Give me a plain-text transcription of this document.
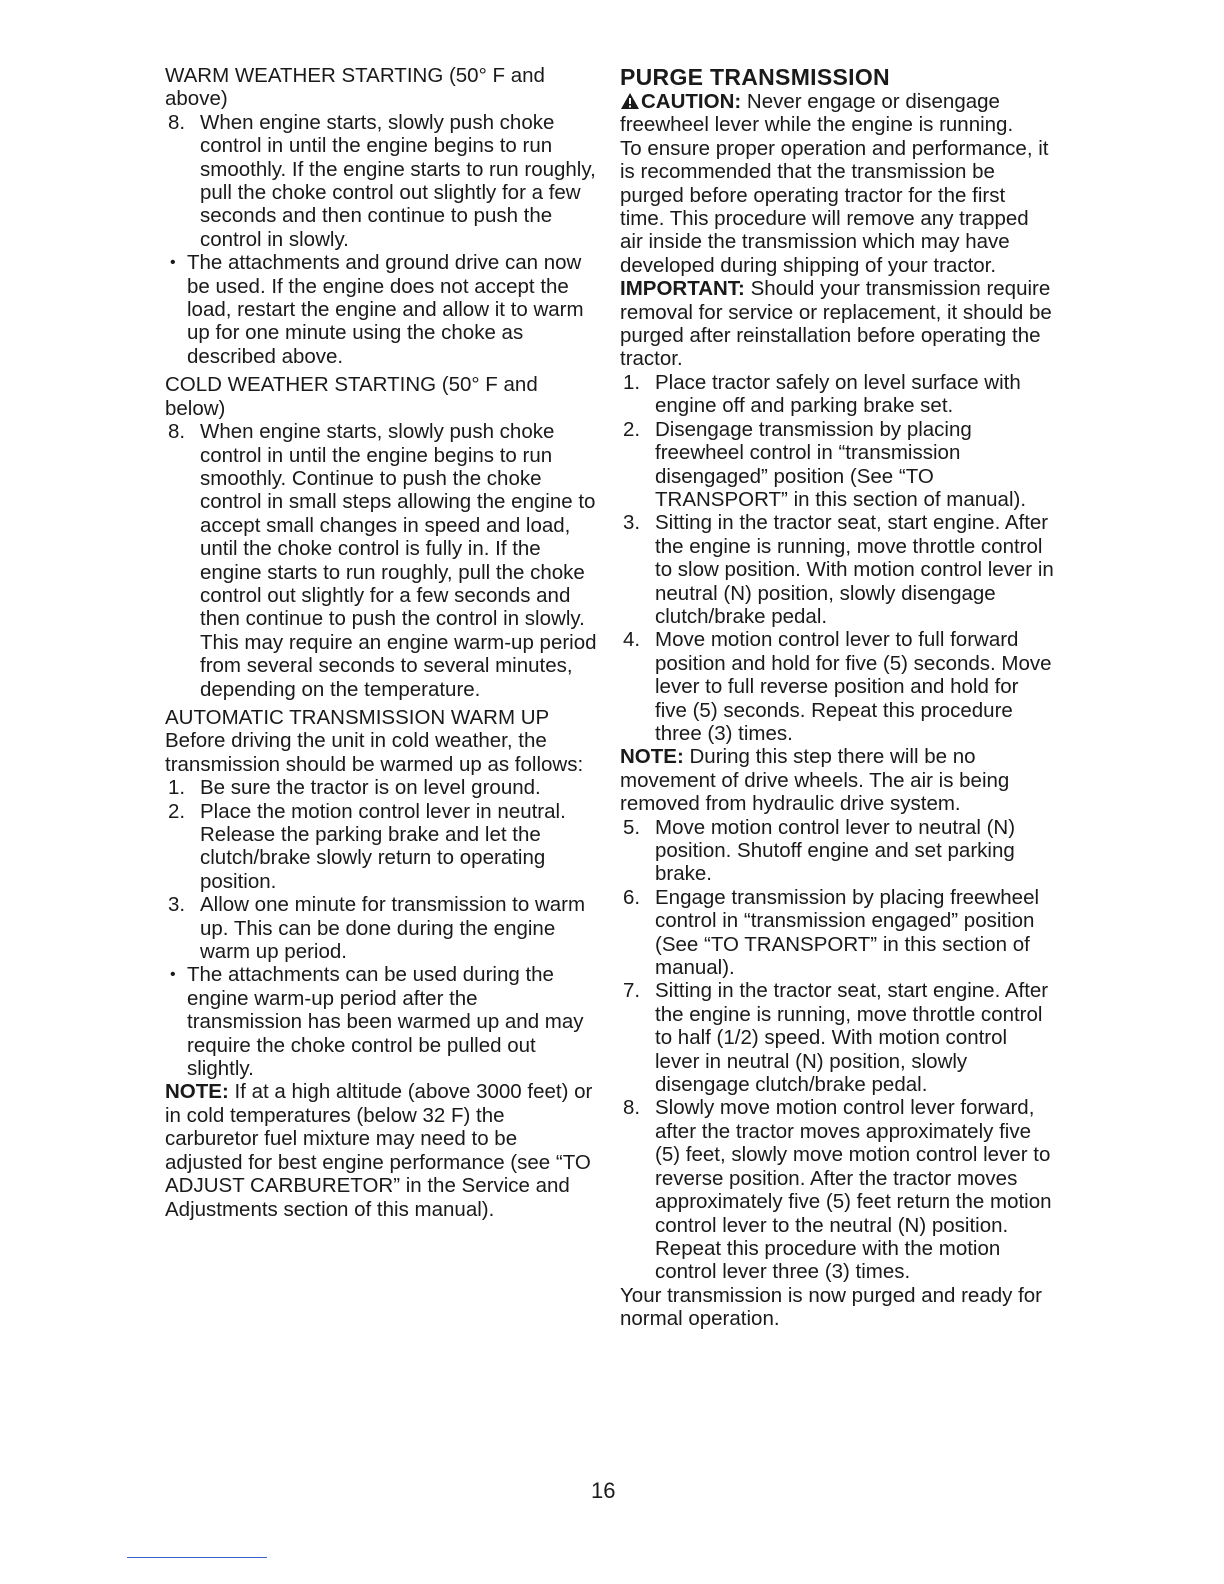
WARM WEATHER STARTING (50° F and above)

8. When engine starts, slowly push choke control in until the engine begins to run smoothly. If the engine starts to run roughly, pull the choke control out slightly for a few seconds and then continue to push the control in slowly.

• The attachments and ground drive can now be used. If the engine does not accept the load, restart the engine and allow it to warm up for one minute using the choke as described above.

COLD WEATHER STARTING (50° F and below)

8. When engine starts, slowly push choke control in until the engine begins to run smoothly. Continue to push the choke control in small steps allowing the engine to accept small changes in speed and load, until the choke control is fully in. If the engine starts to run roughly, pull the choke control out slightly for a few seconds and then continue to push the control in slowly. This may require an engine warm-up period from several seconds to several minutes, depending on the temperature.

AUTOMATIC TRANSMISSION WARM UP

Before driving the unit in cold weather, the transmission should be warmed up as follows:

1. Be sure the tractor is on level ground.

2. Place the motion control lever in neutral. Release the parking brake and let the clutch/brake slowly return to operating position.

3. Allow one minute for transmission to warm up. This can be done during the engine warm up period.

• The attachments can be used during the engine warm-up period after the transmission has been warmed up and may require the choke control be pulled out slightly.

NOTE: If at a high altitude (above 3000 feet) or in cold temperatures (below 32 F) the carburetor fuel mixture may need to be adjusted for best engine performance (see “TO ADJUST CARBURETOR” in the Service and Adjustments section of this manual).

PURGE TRANSMISSION

CAUTION: Never engage or disengage freewheel lever while the engine is running.

To ensure proper operation and performance, it is recommended that the transmission be purged before operating tractor for the first time. This procedure will remove any trapped air inside the transmission which may have developed during shipping of your tractor.

IMPORTANT: Should your transmission require removal for service or replacement, it should be purged after reinstallation before operating the tractor.

1. Place tractor safely on level surface with engine off and parking brake set.

2. Disengage transmission by placing freewheel control in “transmission disengaged” position (See “TO TRANSPORT” in this section of manual).

3. Sitting in the tractor seat, start engine. After the engine is running, move throttle control to slow position. With motion control lever in neutral (N) position, slowly disengage clutch/brake pedal.

4. Move motion control lever to full forward position and hold for five (5) seconds. Move lever to full reverse position and hold for five (5) seconds. Repeat this procedure three (3) times.

NOTE: During this step there will be no movement of drive wheels. The air is being removed from hydraulic drive system.

5. Move motion control lever to neutral (N) position. Shutoff engine and set parking brake.

6. Engage transmission by placing freewheel control in “transmission engaged” position (See “TO TRANSPORT” in this section of manual).

7. Sitting in the tractor seat, start engine. After the engine is running, move throttle control to half (1/2) speed. With motion control lever in neutral (N) position, slowly disengage clutch/brake pedal.

8. Slowly move motion control lever forward, after the tractor moves approximately five (5) feet, slowly move motion control lever to reverse position. After the tractor moves approximately five (5) feet return the motion control lever to the neutral (N) position. Repeat this procedure with the motion control lever three (3) times.

Your transmission is now purged and ready for normal operation.

16
